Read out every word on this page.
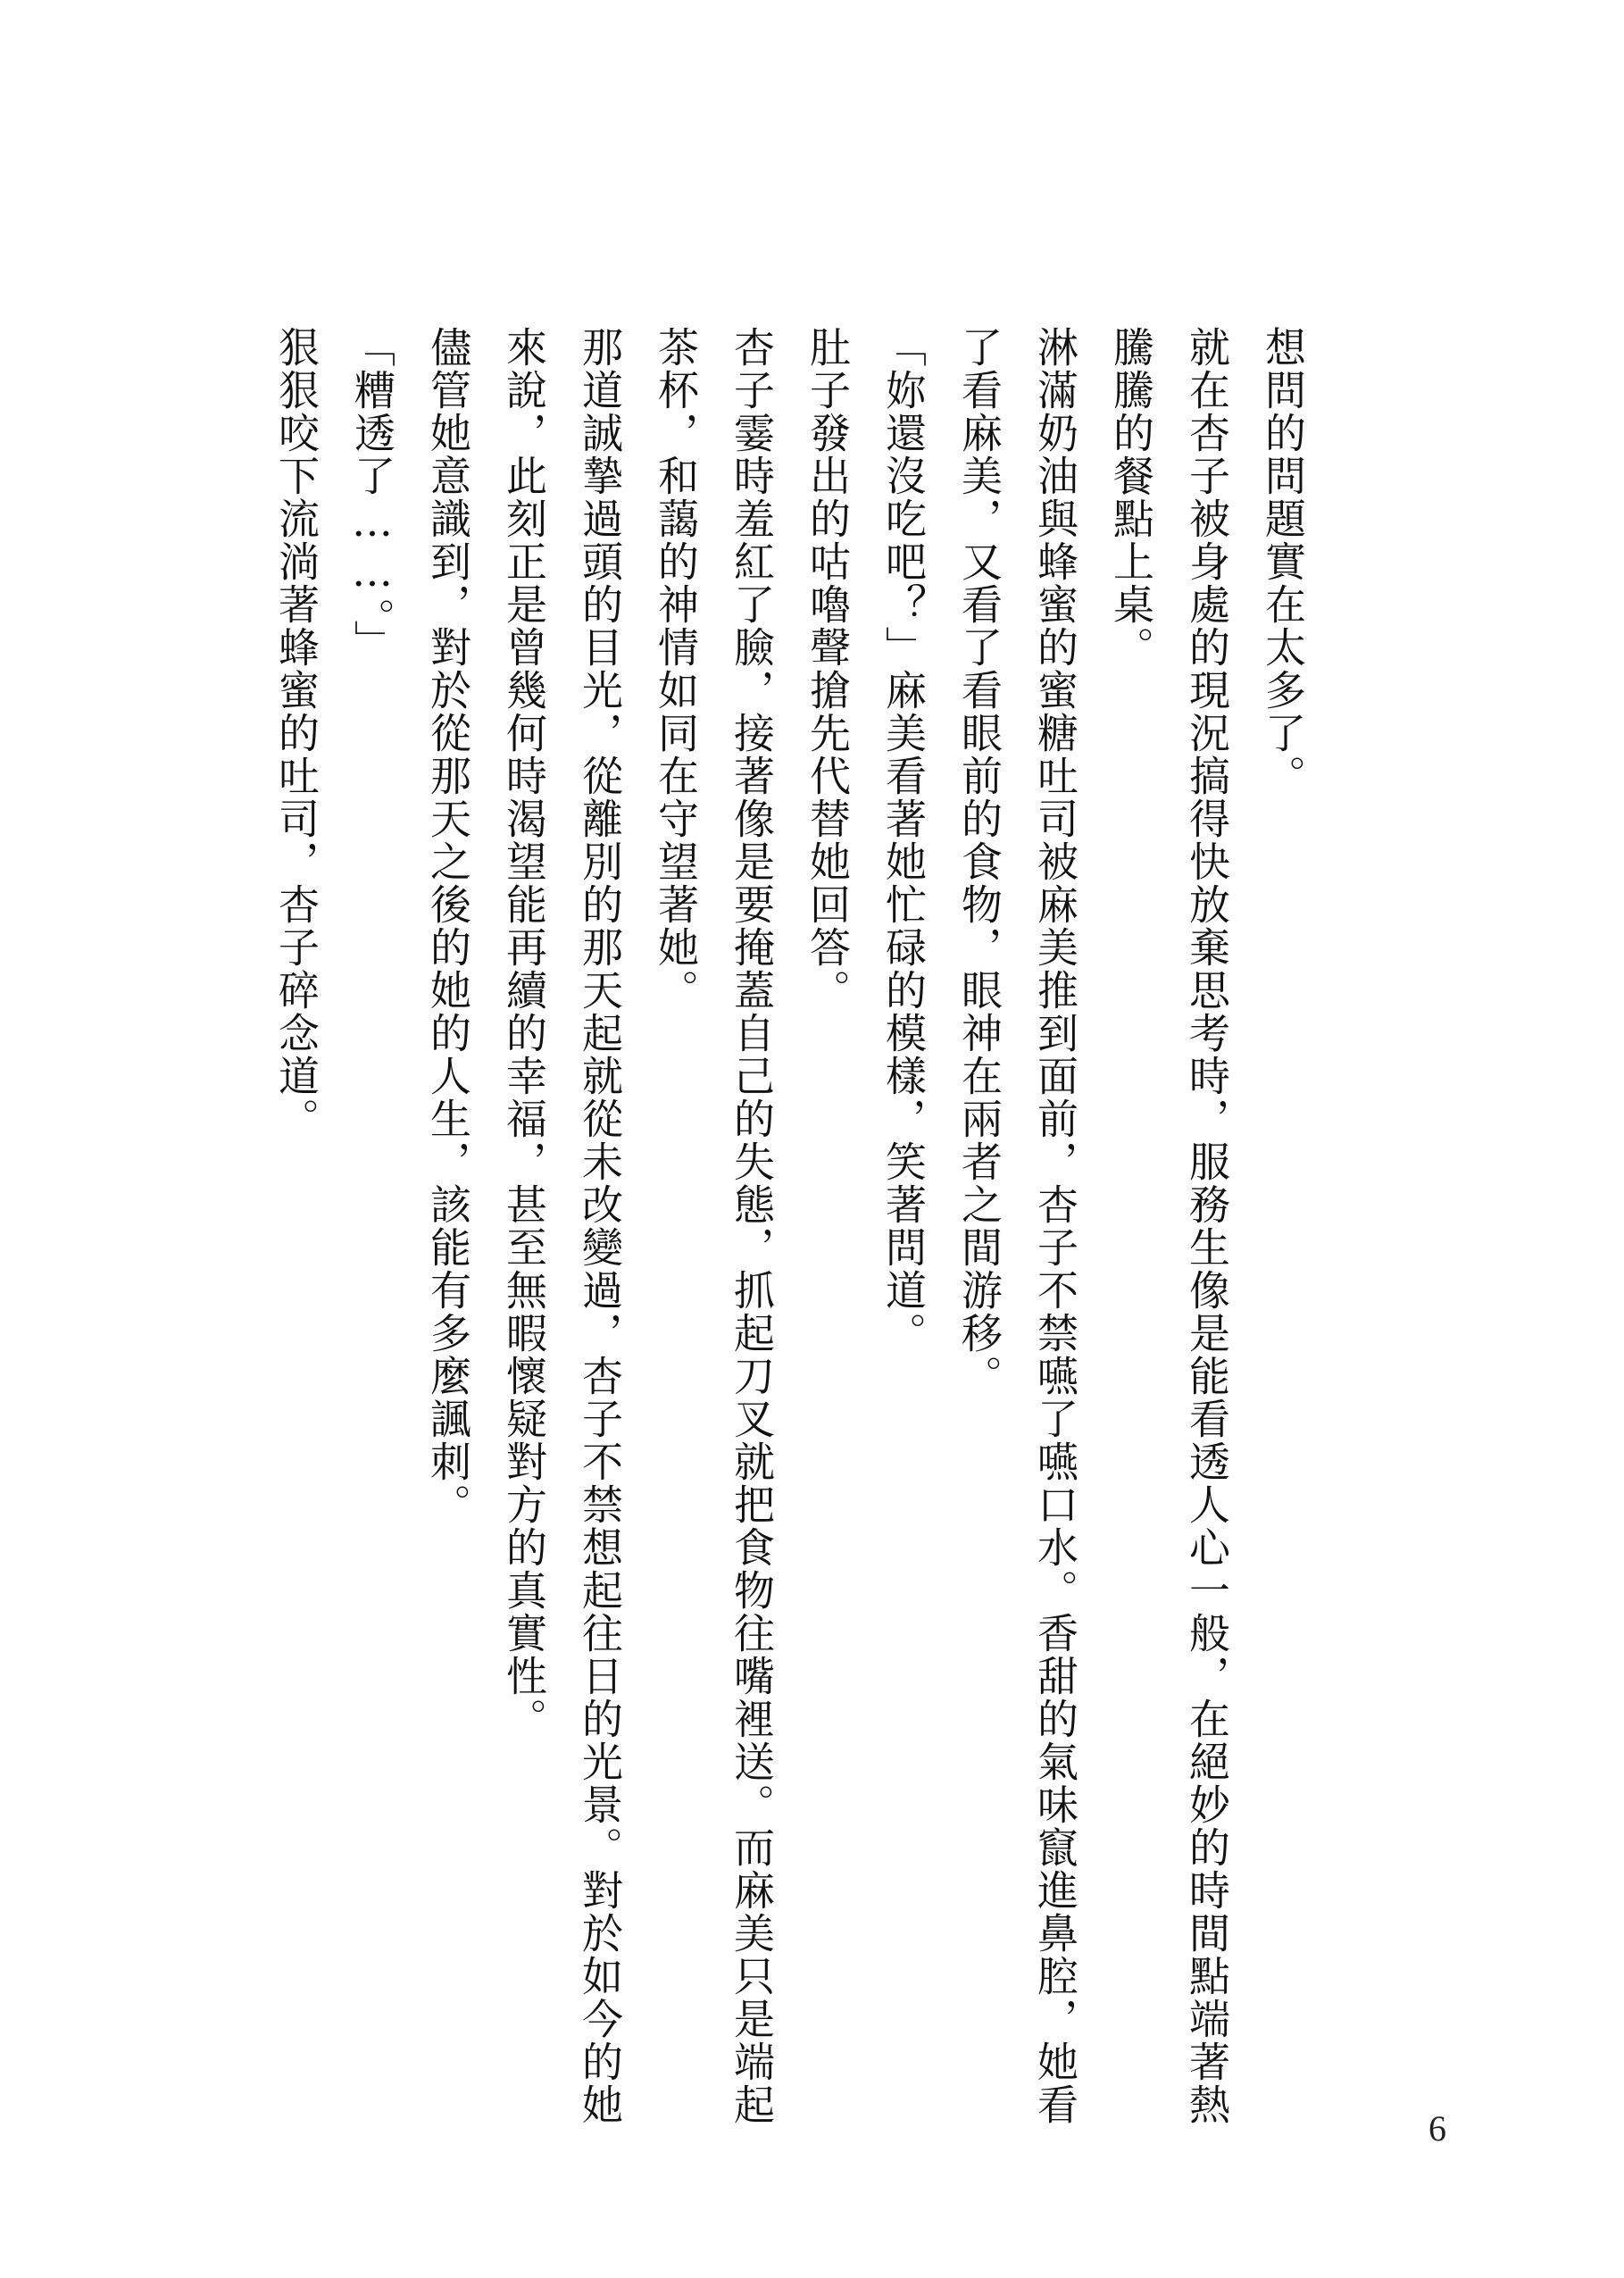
想問的問題實在太多了。

就在杏子被身處的現況搞得快放棄思考時，服務生像是能看透人心一般，在絕妙的時間點端著熱騰騰的餐點上桌。

淋滿奶油與蜂蜜的蜜糖吐司被麻美推到面前，杏子不禁嚥了嚥口水。香甜的氣味竄進鼻腔，她看了看麻美，又看了看眼前的食物，眼神在兩者之間游移。

「妳還沒吃吧？」麻美看著她忙碌的模樣，笑著問道。

肚子發出的咕嚕聲搶先代替她回答。

杏子霎時羞紅了臉，接著像是要掩蓋自己的失態，抓起刀叉就把食物往嘴裡送。而麻美只是端起茶杯，和藹的神情如同在守望著她。

那道誠摯過頭的目光，從離別的那天起就從未改變過，杏子不禁想起往日的光景。對於如今的她來說，此刻正是曾幾何時渴望能再續的幸福，甚至無暇懷疑對方的真實性。

儘管她意識到，對於從那天之後的她的人生，該能有多麼諷刺。

「糟透了……。」

狠狠咬下流淌著蜂蜜的吐司，杏子碎念道。

6
